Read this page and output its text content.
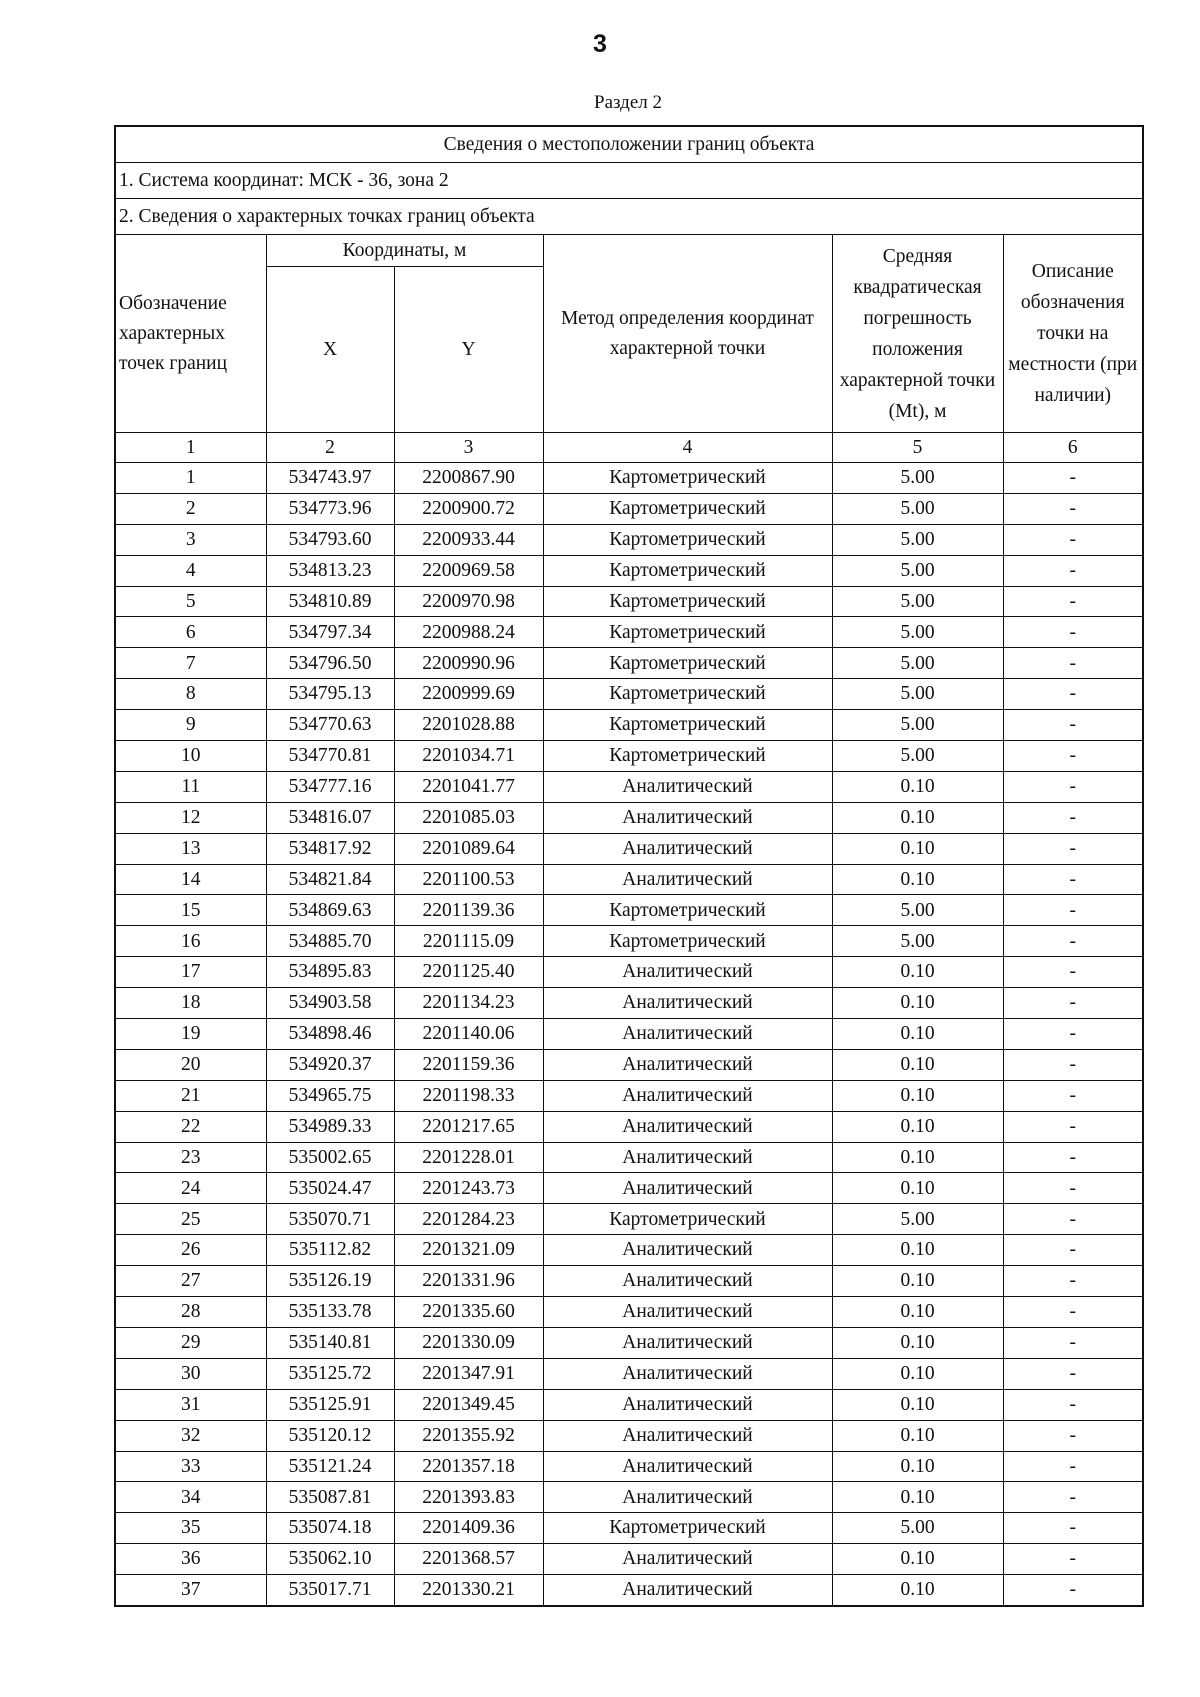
3
Раздел 2
Сведения о местоположении границ объекта					
1. Система координат: МСК - 36, зона 2					
2. Сведения о характерных точках границ объекта					
Обозначение характерных точек границ	Координаты, м		Метод определения координат характерной точки	Средняя квадратическая погрешность положения характерной точки (Mt), м	Описание обозначения точки на местности (при наличии)
	X	Y			
1	2	3	4	5	6
1	534743.97	2200867.90	Картометрический	5.00	-
2	534773.96	2200900.72	Картометрический	5.00	-
3	534793.60	2200933.44	Картометрический	5.00	-
4	534813.23	2200969.58	Картометрический	5.00	-
5	534810.89	2200970.98	Картометрический	5.00	-
6	534797.34	2200988.24	Картометрический	5.00	-
7	534796.50	2200990.96	Картометрический	5.00	-
8	534795.13	2200999.69	Картометрический	5.00	-
9	534770.63	2201028.88	Картометрический	5.00	-
10	534770.81	2201034.71	Картометрический	5.00	-
11	534777.16	2201041.77	Аналитический	0.10	-
12	534816.07	2201085.03	Аналитический	0.10	-
13	534817.92	2201089.64	Аналитический	0.10	-
14	534821.84	2201100.53	Аналитический	0.10	-
15	534869.63	2201139.36	Картометрический	5.00	-
16	534885.70	2201115.09	Картометрический	5.00	-
17	534895.83	2201125.40	Аналитический	0.10	-
18	534903.58	2201134.23	Аналитический	0.10	-
19	534898.46	2201140.06	Аналитический	0.10	-
20	534920.37	2201159.36	Аналитический	0.10	-
21	534965.75	2201198.33	Аналитический	0.10	-
22	534989.33	2201217.65	Аналитический	0.10	-
23	535002.65	2201228.01	Аналитический	0.10	-
24	535024.47	2201243.73	Аналитический	0.10	-
25	535070.71	2201284.23	Картометрический	5.00	-
26	535112.82	2201321.09	Аналитический	0.10	-
27	535126.19	2201331.96	Аналитический	0.10	-
28	535133.78	2201335.60	Аналитический	0.10	-
29	535140.81	2201330.09	Аналитический	0.10	-
30	535125.72	2201347.91	Аналитический	0.10	-
31	535125.91	2201349.45	Аналитический	0.10	-
32	535120.12	2201355.92	Аналитический	0.10	-
33	535121.24	2201357.18	Аналитический	0.10	-
34	535087.81	2201393.83	Аналитический	0.10	-
35	535074.18	2201409.36	Картометрический	5.00	-
36	535062.10	2201368.57	Аналитический	0.10	-
37	535017.71	2201330.21	Аналитический	0.10	-
